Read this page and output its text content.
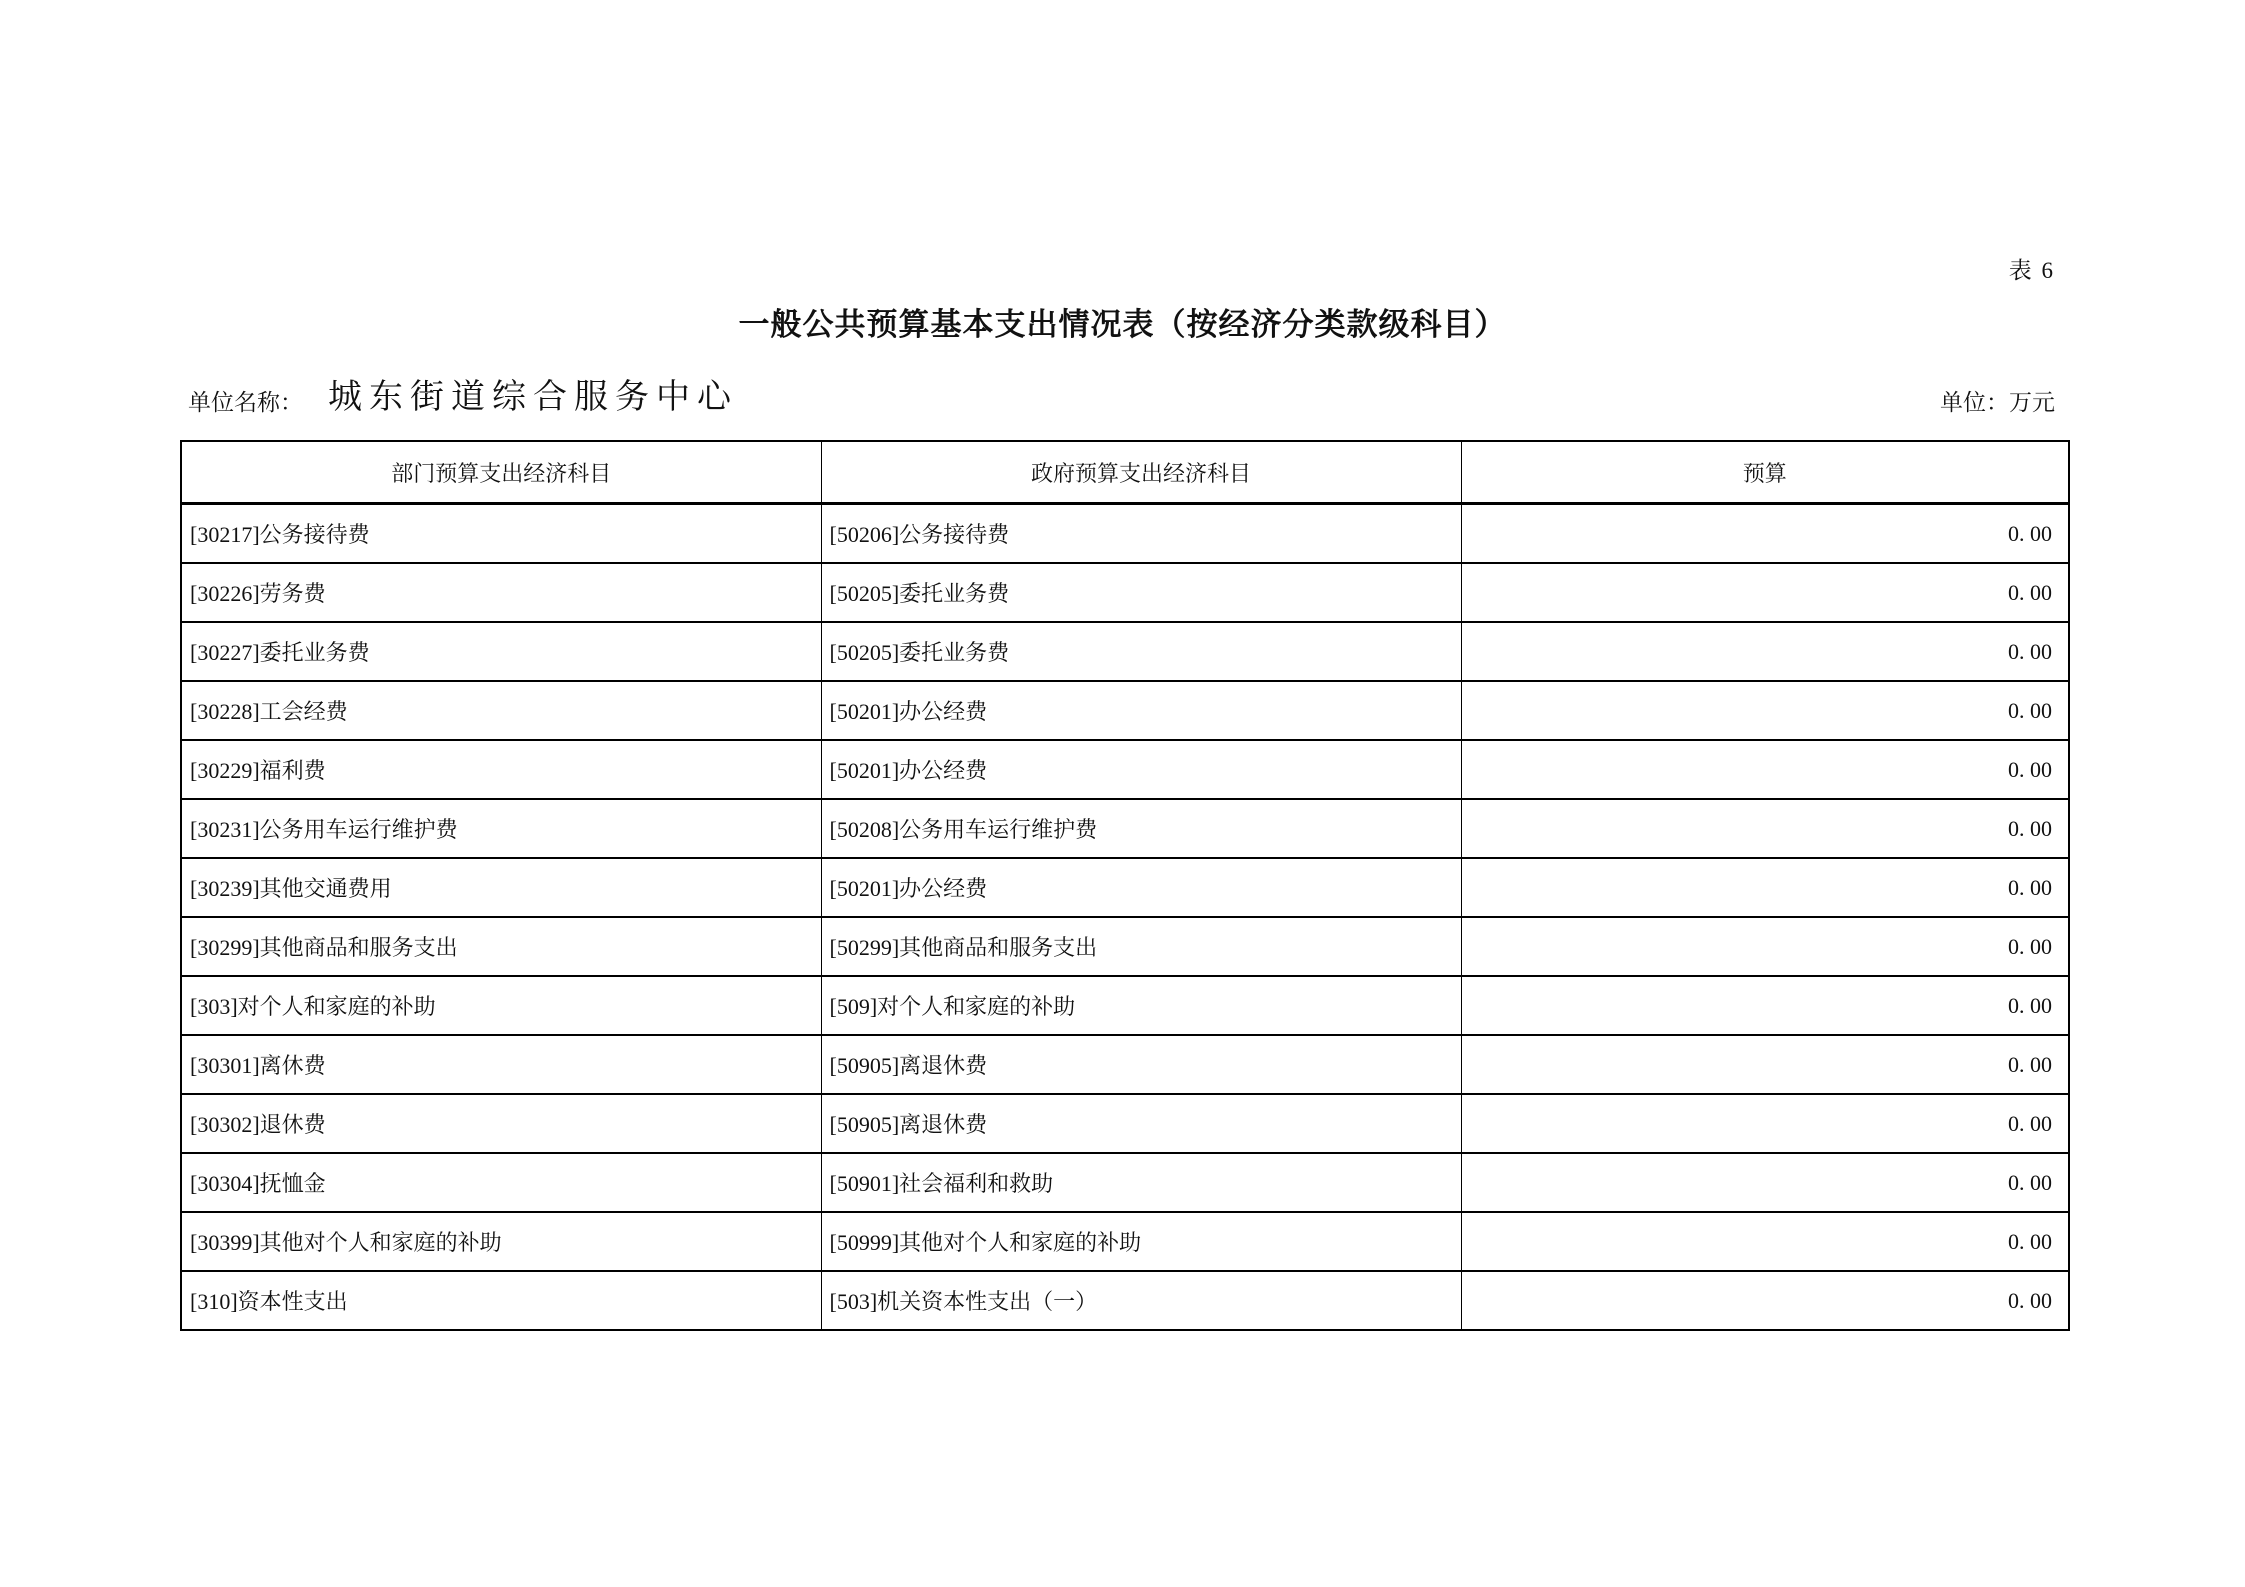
表 6
一般公共预算基本支出情况表（按经济分类款级科目）
单位名称： 城东街道综合服务中心	单位：万元
部门预算支出经济科目	政府预算支出经济科目	预算
[30217]公务接待费	[50206]公务接待费	0. 00
[30226]劳务费	[50205]委托业务费	0. 00
[30227]委托业务费	[50205]委托业务费	0. 00
[30228]工会经费	[50201]办公经费	0. 00
[30229]福利费	[50201]办公经费	0. 00
[30231]公务用车运行维护费	[50208]公务用车运行维护费	0. 00
[30239]其他交通费用	[50201]办公经费	0. 00
[30299]其他商品和服务支出	[50299]其他商品和服务支出	0. 00
[303]对个人和家庭的补助	[509]对个人和家庭的补助	0. 00
[30301]离休费	[50905]离退休费	0. 00
[30302]退休费	[50905]离退休费	0. 00
[30304]抚恤金	[50901]社会福利和救助	0. 00
[30399]其他对个人和家庭的补助	[50999]其他对个人和家庭的补助	0. 00
[310]资本性支出	[503]机关资本性支出（一）	0. 00
